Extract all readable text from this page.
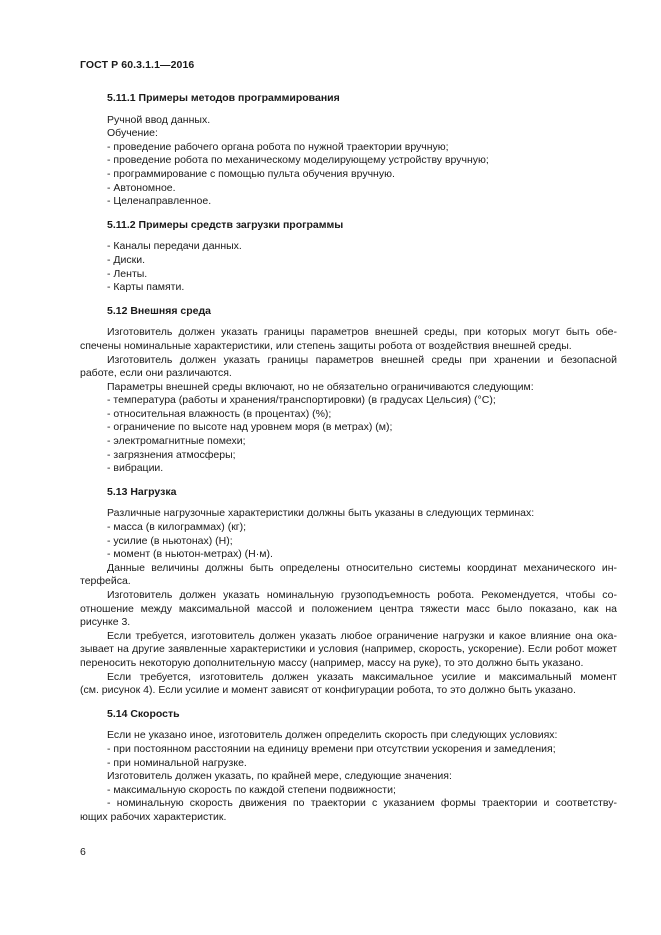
ГОСТ Р 60.3.1.1—2016
5.11.1 Примеры методов программирования
Ручной ввод данных.
Обучение:
- проведение рабочего органа робота по нужной траектории вручную;
- проведение робота по механическому моделирующему устройству вручную;
- программирование с помощью пульта обучения вручную.
- Автономное.
- Целенаправленное.
5.11.2 Примеры средств загрузки программы
- Каналы передачи данных.
- Диски.
- Ленты.
- Карты памяти.
5.12 Внешняя среда
Изготовитель должен указать границы параметров внешней среды, при которых могут быть обе-
спечены номинальные характеристики, или степень защиты робота от воздействия внешней среды.
Изготовитель должен указать границы параметров внешней среды при хранении и безопасной
работе, если они различаются.
Параметры внешней среды включают, но не обязательно ограничиваются следующим:
- температура (работы и хранения/транспортировки) (в градусах Цельсия) (°С);
- относительная влажность (в процентах) (%);
- ограничение по высоте над уровнем моря (в метрах) (м);
- электромагнитные помехи;
- загрязнения атмосферы;
- вибрации.
5.13 Нагрузка
Различные нагрузочные характеристики должны быть указаны в следующих терминах:
- масса (в килограммах) (кг);
- усилие (в ньютонах) (Н);
- момент (в ньютон-метрах) (Н·м).
Данные величины должны быть определены относительно системы координат механического ин-
терфейса.
Изготовитель должен указать номинальную грузоподъемность робота. Рекомендуется, чтобы со-
отношение между максимальной массой и положением центра тяжести масс было показано, как на
рисунке 3.
Если требуется, изготовитель должен указать любое ограничение нагрузки и какое влияние она ока-
зывает на другие заявленные характеристики и условия (например, скорость, ускорение). Если робот может
переносить некоторую дополнительную массу (например, массу на руке), то это должно быть указано.
Если требуется, изготовитель должен указать максимальное усилие и максимальный момент
(см. рисунок 4). Если усилие и момент зависят от конфигурации робота, то это должно быть указано.
5.14 Скорость
Если не указано иное, изготовитель должен определить скорость при следующих условиях:
- при постоянном расстоянии на единицу времени при отсутствии ускорения и замедления;
- при номинальной нагрузке.
Изготовитель должен указать, по крайней мере, следующие значения:
- максимальную скорость по каждой степени подвижности;
- номинальную скорость движения по траектории с указанием формы траектории и соответству-
ющих рабочих характеристик.
6
